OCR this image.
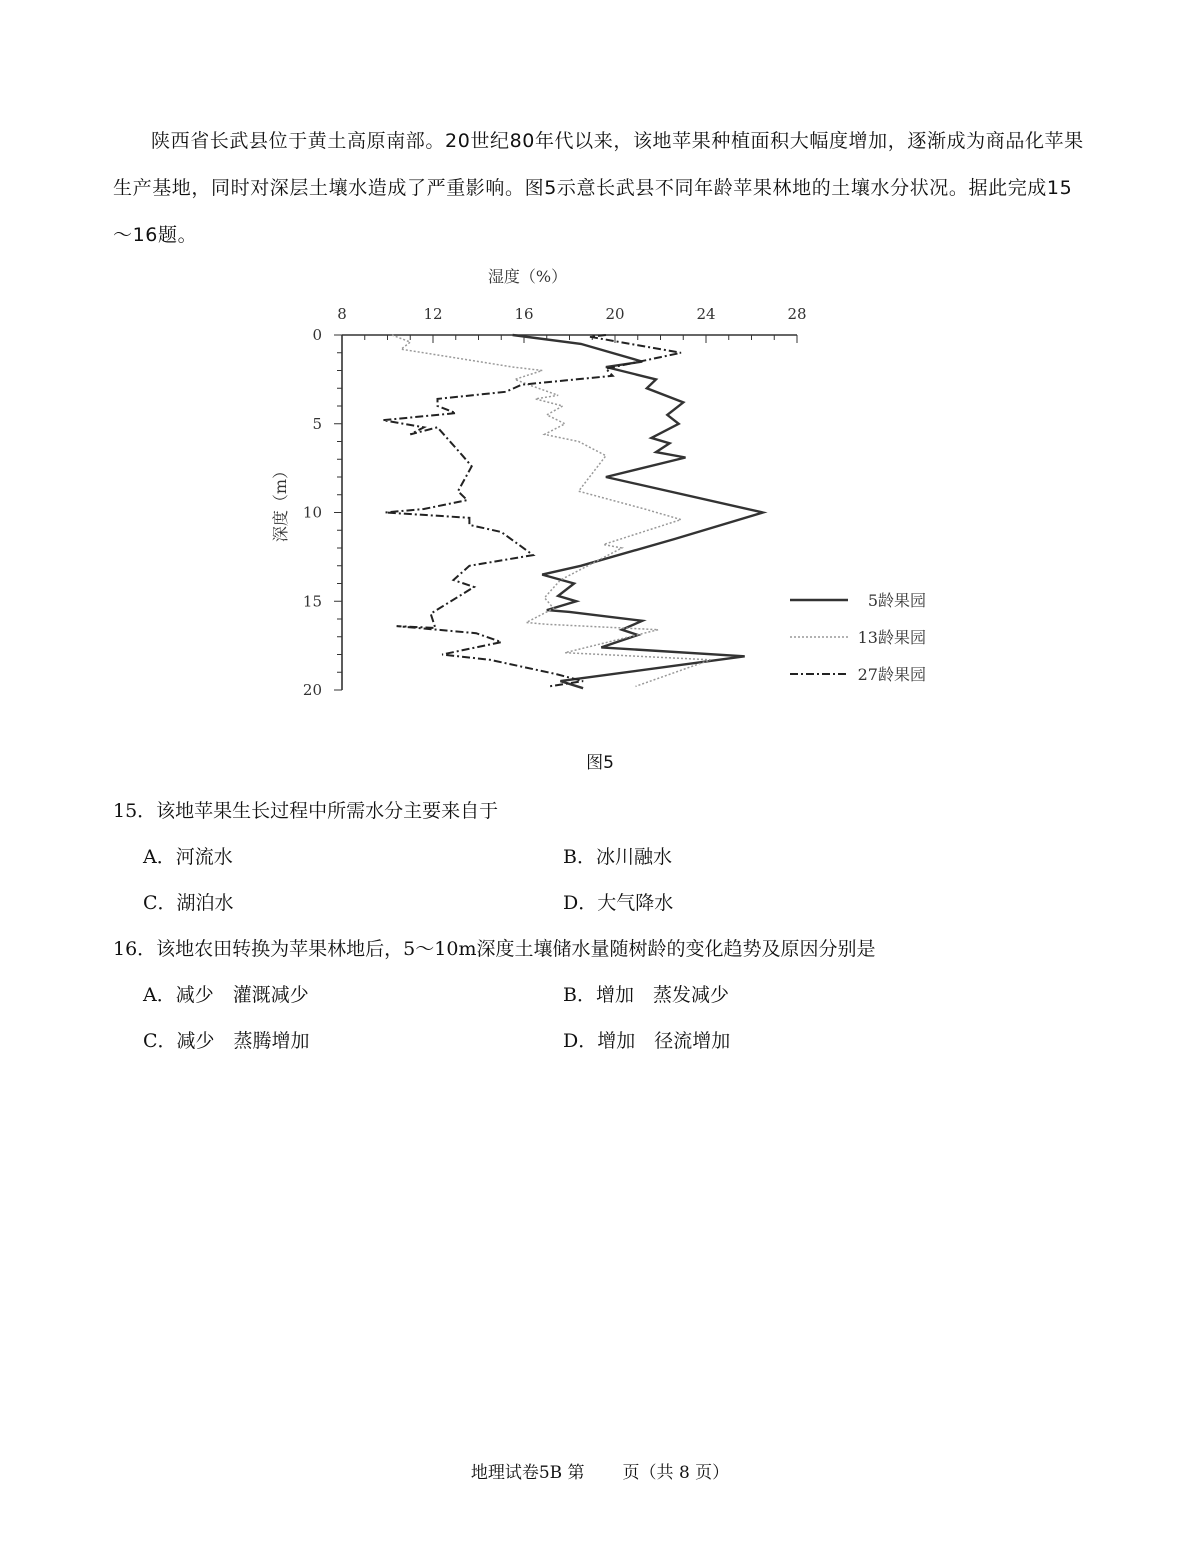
陕西省长武县位于黄土高原南部。20世纪80年代以来，该地苹果种植面积大幅度增加，逐渐成为商品化苹果生产基地，同时对深层土壤水造成了严重影响。图5示意长武县不同年龄苹果林地的土壤水分状况。据此完成15～16题。

8	12	16	20	24	28
0
5
10
15
20
湿度（%）
深度（m）
5龄果园
13龄果园
27龄果园
图5
15．该地苹果生长过程中所需水分主要来自于
A．河流水	B．冰川融水
C．湖泊水	D．大气降水
16．该地农田转换为苹果林地后，5～10m深度土壤储水量随树龄的变化趋势及原因分别是
A．减少　灌溉减少	B．增加　蒸发减少
C．减少　蒸腾增加	D．增加　径流增加
地理试卷5B 第 页（共 8 页）
